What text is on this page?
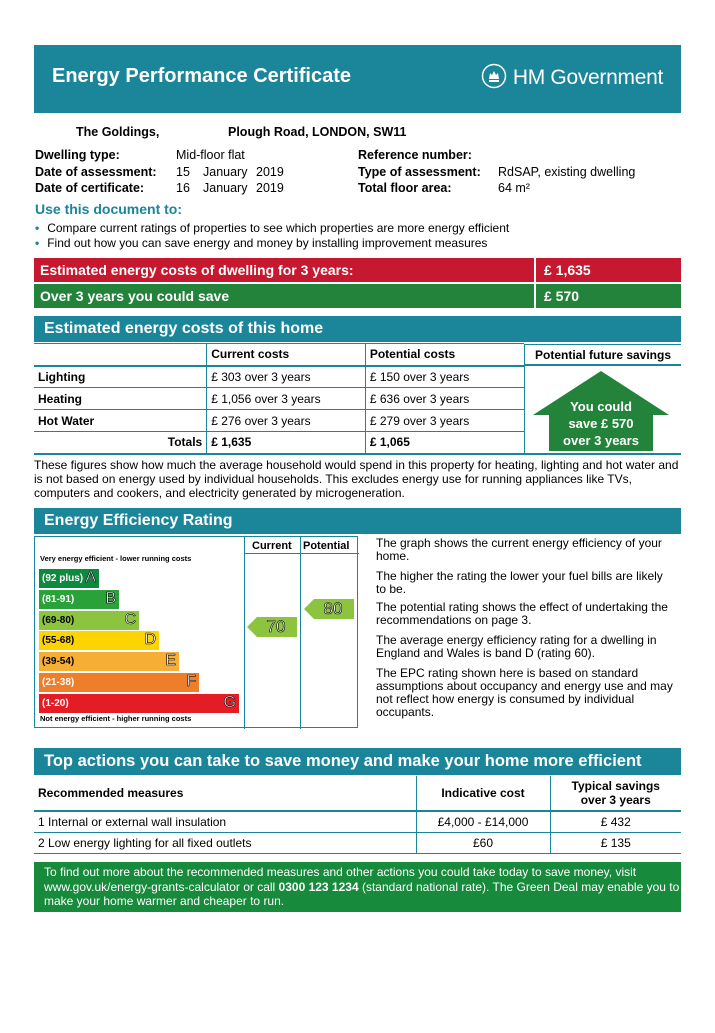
Energy Performance Certificate	HM Government
The Goldings,	Plough Road, LONDON, SW11
Dwelling type:	Mid-floor flat
Date of assessment: 15 January 2019
Date of certificate:	16 January 2019
Reference number:
Type of assessment: RdSAP, existing dwelling
Total floor area:	64 m²
Use this document to:
• Compare current ratings of properties to see which properties are more energy efficient
• Find out how you can save energy and money by installing improvement measures
Estimated energy costs of dwelling for 3 years:	£ 1,635
Over 3 years you could save	£ 570
Estimated energy costs of this home
	Current costs	Potential costs
Lighting	£ 303 over 3 years	£ 150 over 3 years
Heating	£ 1,056 over 3 years	£ 636 over 3 years
Hot Water	£ 276 over 3 years	£ 279 over 3 years
Totals	£ 1,635	£ 1,065
Potential future savings
You could
save £ 570
over 3 years
These figures show how much the average household would spend in this property for heating, lighting and hot water and is not based on energy used by individual households. This excludes energy use for running appliances like TVs, computers and cookers, and electricity generated by microgeneration.
Energy Efficiency Rating
Very energy efficient - lower running costs
Not energy efficient - higher running costs
Current Potential
(92 plus) A
(81-91) B
(69-80)	C
(55-68)	D
(39-54)	E
(21-38)	F
(1-20)	G
70
80
The graph shows the current energy efficiency of your home.
The higher the rating the lower your fuel bills are likely to be.
The potential rating shows the effect of undertaking the recommendations on page 3.
The average energy efficiency rating for a dwelling in England and Wales is band D (rating 60).
The EPC rating shown here is based on standard assumptions about occupancy and energy use and may not reflect how energy is consumed by individual occupants.
Top actions you can take to save money and make your home more efficient
Recommended measures	Indicative cost	Typical savings
over 3 years

1 Internal or external wall insulation	£4,000 - £14,000	£ 432
2 Low energy lighting for all fixed outlets	£60	£ 135
To find out more about the recommended measures and other actions you could take today to save money, visit
www.gov.uk/energy-grants-calculator or call 0300 123 1234 (standard national rate). The Green Deal may enable you to
make your home warmer and cheaper to run.
